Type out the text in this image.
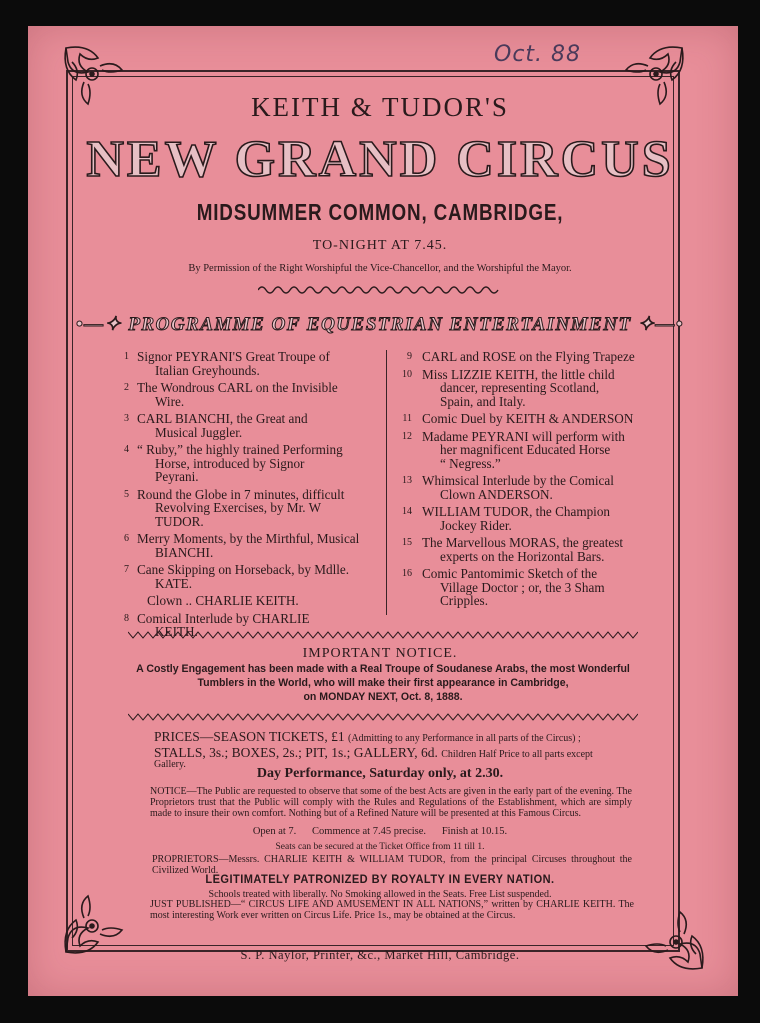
Oct. 88
KEITH & TUDOR'S
NEW GRAND CIRCUS
MIDSUMMER COMMON, CAMBRIDGE,
TO-NIGHT AT 7.45.
By Permission of the Right Worshipful the Vice-Chancellor, and the Worshipful the Mayor.
•—✦ PROGRAMME OF EQUESTRIAN ENTERTAINMENT ✦—•
1 Signor PEYRANI'S Great Troupe of
Italian Greyhounds.
2 The Wondrous CARL on the Invisible
Wire.
3 CARL BIANCHI, the Great and
Musical Juggler.
4 “ Ruby,” the highly trained Performing
Horse, introduced by Signor
Peyrani.
5 Round the Globe in 7 minutes, difficult
Revolving Exercises, by Mr. W
TUDOR.
6 Merry Moments, by the Mirthful, Musical
BIANCHI.
7 Cane Skipping on Horseback, by Mdlle.
KATE.
Clown .. CHARLIE KEITH.
8 Comical Interlude by CHARLIE
KEITH.
9 CARL and ROSE on the Flying Trapeze
10 Miss LIZZIE KEITH, the little child
dancer, representing Scotland,
Spain, and Italy.
11 Comic Duel by KEITH & ANDERSON
12 Madame PEYRANI will perform with
her magnificent Educated Horse
“ Negress.”
13 Whimsical Interlude by the Comical
Clown ANDERSON.
14 WILLIAM TUDOR, the Champion
Jockey Rider.
15 The Marvellous MORAS, the greatest
experts on the Horizontal Bars.
16 Comic Pantomimic Sketch of the
Village Doctor ; or, the 3 Sham
Cripples.
IMPORTANT NOTICE.
A Costly Engagement has been made with a Real Troupe of Soudanese Arabs, the most Wonderful
Tumblers in the World, who will make their first appearance in Cambridge,
on MONDAY NEXT, Oct. 8, 1888.
PRICES—SEASON TICKETS, £1 (Admitting to any Performance in all parts of the Circus) ;
STALLS, 3s.; BOXES, 2s.; PIT, 1s.; GALLERY, 6d. Children Half Price to all parts except
Gallery.
Day Performance, Saturday only, at 2.30.
NOTICE—The Public are requested to observe that some of the best Acts are given in the early part of the evening. The Proprietors trust that the Public will comply with the Rules and Regulations of the Establishment, which are simply made to insure their own comfort. Nothing but of a Refined Nature will be presented at this Famous Circus.
Open at 7. Commence at 7.45 precise. Finish at 10.15.
Seats can be secured at the Ticket Office from 11 till 1.
PROPRIETORS—Messrs. CHARLIE KEITH & WILLIAM TUDOR, from the principal Circuses throughout the Civilized World.
LEGITIMATELY PATRONIZED BY ROYALTY IN EVERY NATION.
Schools treated with liberally. No Smoking allowed in the Seats. Free List suspended.
JUST PUBLISHED—“ CIRCUS LIFE AND AMUSEMENT IN ALL NATIONS,” written by CHARLIE KEITH. The most interesting Work ever written on Circus Life. Price 1s., may be obtained at the Circus.
S. P. Naylor, Printer, &c., Market Hill, Cambridge.
